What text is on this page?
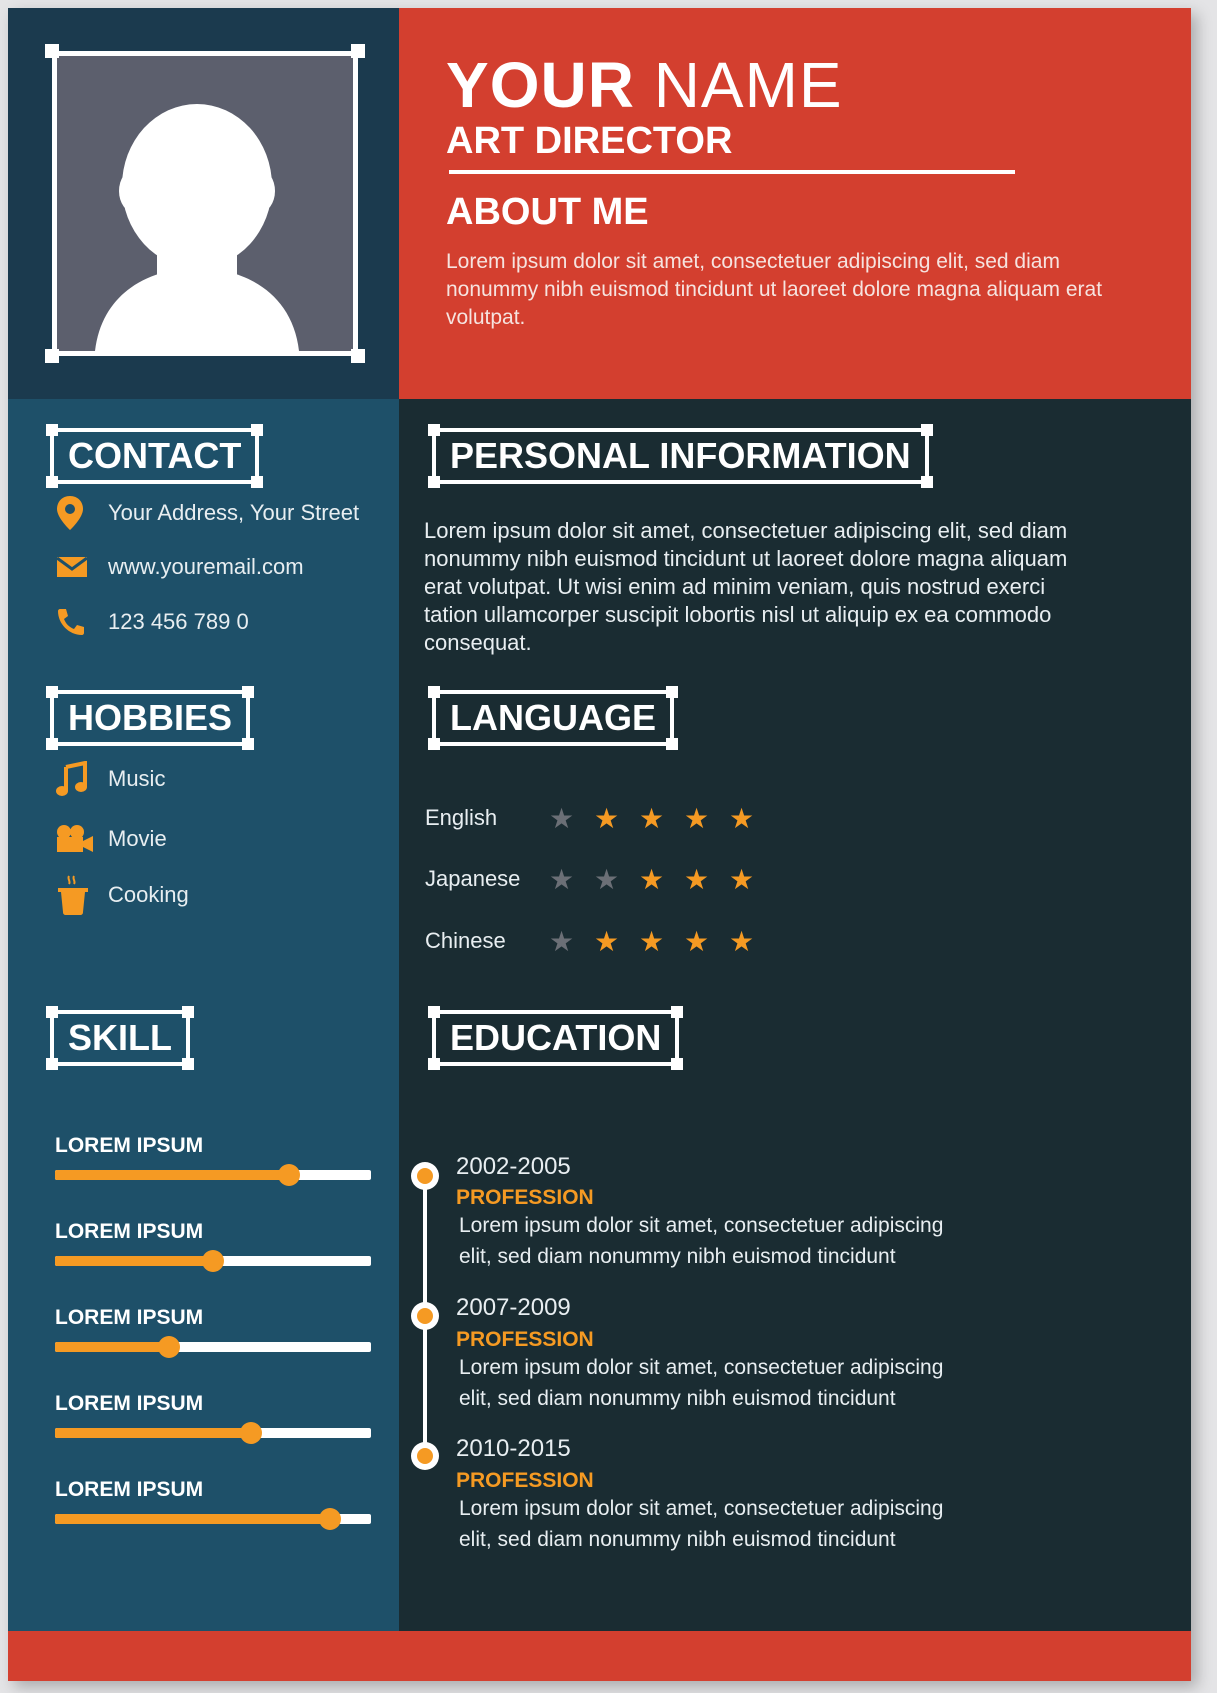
YOUR NAME
ART DIRECTOR
ABOUT ME
Lorem ipsum dolor sit amet, consectetuer adipiscing elit, sed diam nonummy nibh euismod tincidunt ut laoreet dolore magna aliquam erat volutpat.
CONTACT
Your Address, Your Street
www.youremail.com
123 456 789 0
HOBBIES
Music
Movie
Cooking
SKILL
LOREM IPSUM
LOREM IPSUM
LOREM IPSUM
LOREM IPSUM
LOREM IPSUM
PERSONAL INFORMATION
Lorem ipsum dolor sit amet, consectetuer adipiscing elit, sed diam nonummy nibh euismod tincidunt ut laoreet dolore magna aliquam erat volutpat. Ut wisi enim ad minim veniam, quis nostrud exerci tation ullamcorper suscipit lobortis nisl ut aliquip ex ea commodo consequat.
LANGUAGE
English ★ ★ ★ ★ ★
Japanese ★ ★ ★ ★ ★
Chinese ★ ★ ★ ★ ★
EDUCATION
2002-2005
PROFESSION
Lorem ipsum dolor sit amet, consectetuer adipiscing
elit, sed diam nonummy nibh euismod tincidunt
2007-2009
PROFESSION
Lorem ipsum dolor sit amet, consectetuer adipiscing
elit, sed diam nonummy nibh euismod tincidunt
2010-2015
PROFESSION
Lorem ipsum dolor sit amet, consectetuer adipiscing
elit, sed diam nonummy nibh euismod tincidunt
